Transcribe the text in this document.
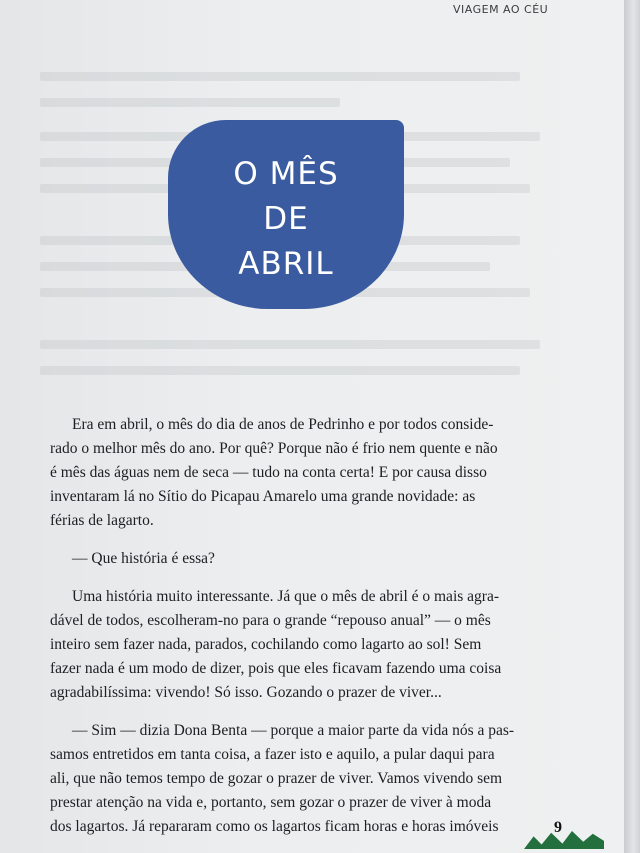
VIAGEM AO CÉU
O MÊS
DE
ABRIL
Era em abril, o mês do dia de anos de Pedrinho e por todos conside-
rado o melhor mês do ano. Por quê? Porque não é frio nem quente e não
é mês das águas nem de seca — tudo na conta certa! E por causa disso
inventaram lá no Sítio do Picapau Amarelo uma grande novidade: as
férias de lagarto.
— Que história é essa?
Uma história muito interessante. Já que o mês de abril é o mais agra-
dável de todos, escolheram-no para o grande “repouso anual” — o mês
inteiro sem fazer nada, parados, cochilando como lagarto ao sol! Sem
fazer nada é um modo de dizer, pois que eles ficavam fazendo uma coisa
agradabilíssima: vivendo! Só isso. Gozando o prazer de viver...
— Sim — dizia Dona Benta — porque a maior parte da vida nós a pas-
samos entretidos em tanta coisa, a fazer isto e aquilo, a pular daqui para
ali, que não temos tempo de gozar o prazer de viver. Vamos vivendo sem
prestar atenção na vida e, portanto, sem gozar o prazer de viver à moda
dos lagartos. Já repararam como os lagartos ficam horas e horas imóveis	9
